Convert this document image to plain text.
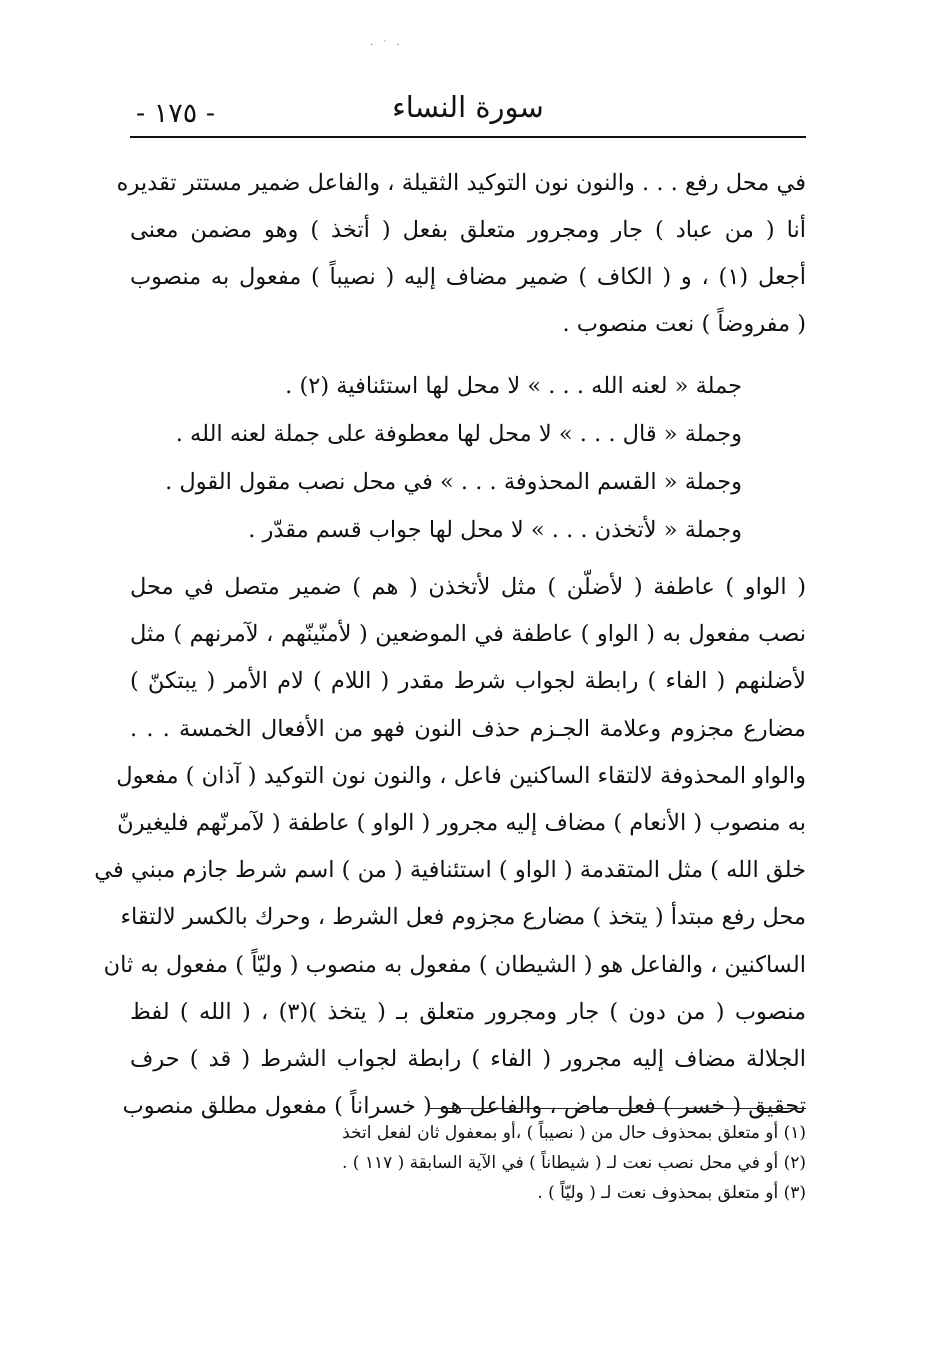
· ˙ ·
- ١٧٥ -	سورة النساء

في محل رفع . . . والنون نون التوكيد الثقيلة ، والفاعل ضمير مستتر تقديره

أنا ( من عباد ) جار ومجرور متعلق بفعل ( أتخذ ) وهو مضمن معنى

أجعل (١) ، و ( الكاف ) ضمير مضاف إليه ( نصيباً ) مفعول به منصوب

( مفروضاً ) نعت منصوب .

جملة « لعنه الله . . . » لا محل لها استئنافية (٢) .

وجملة « قال . . . » لا محل لها معطوفة على جملة لعنه الله .

وجملة « القسم المحذوفة . . . » في محل نصب مقول القول .

وجملة « لأتخذن . . . » لا محل لها جواب قسم مقدّر .

( الواو ) عاطفة ( لأضلّن ) مثل لأتخذن ( هم ) ضمير متصل في محل

نصب مفعول به ( الواو ) عاطفة في الموضعين ( لأمنّينّهم ، لآمرنهم ) مثل

لأضلنهم ( الفاء ) رابطة لجواب شرط مقدر ( اللام ) لام الأمر ( يبتكنّ )

مضارع مجزوم وعلامة الجـزم حذف النون فهو من الأفعال الخمسة . . .

والواو المحذوفة لالتقاء الساكنين فاعل ، والنون نون التوكيد ( آذان ) مفعول

به منصوب ( الأنعام ) مضاف إليه مجرور ( الواو ) عاطفة ( لآمرنّهم فليغيرنّ

خلق الله ) مثل المتقدمة ( الواو ) استئنافية ( من ) اسم شرط جازم مبني في

محل رفع مبتدأ ( يتخذ ) مضارع مجزوم فعل الشرط ، وحرك بالكسر لالتقاء

الساكنين ، والفاعل هو ( الشيطان ) مفعول به منصوب ( وليّاً ) مفعول به ثان

منصوب ( من دون ) جار ومجرور متعلق بـ ( يتخذ )(٣) ، ( الله ) لفظ

الجلالة مضاف إليه مجرور ( الفاء ) رابطة لجواب الشرط ( قد ) حرف

تحقيق ( خسر ) فعل ماض ، والفاعل هو ( خسراناً ) مفعول مطلق منصوب

(١) أو متعلق بمحذوف حال من ( نصيباً ) ،أو بمعفول ثان لفعل اتخذ

(٢) أو في محل نصب نعت لـ ( شيطاناً ) في الآية السابقة ( ١١٧ ) .

(٣) أو متعلق بمحذوف نعت لـ ( وليّاً ) .
